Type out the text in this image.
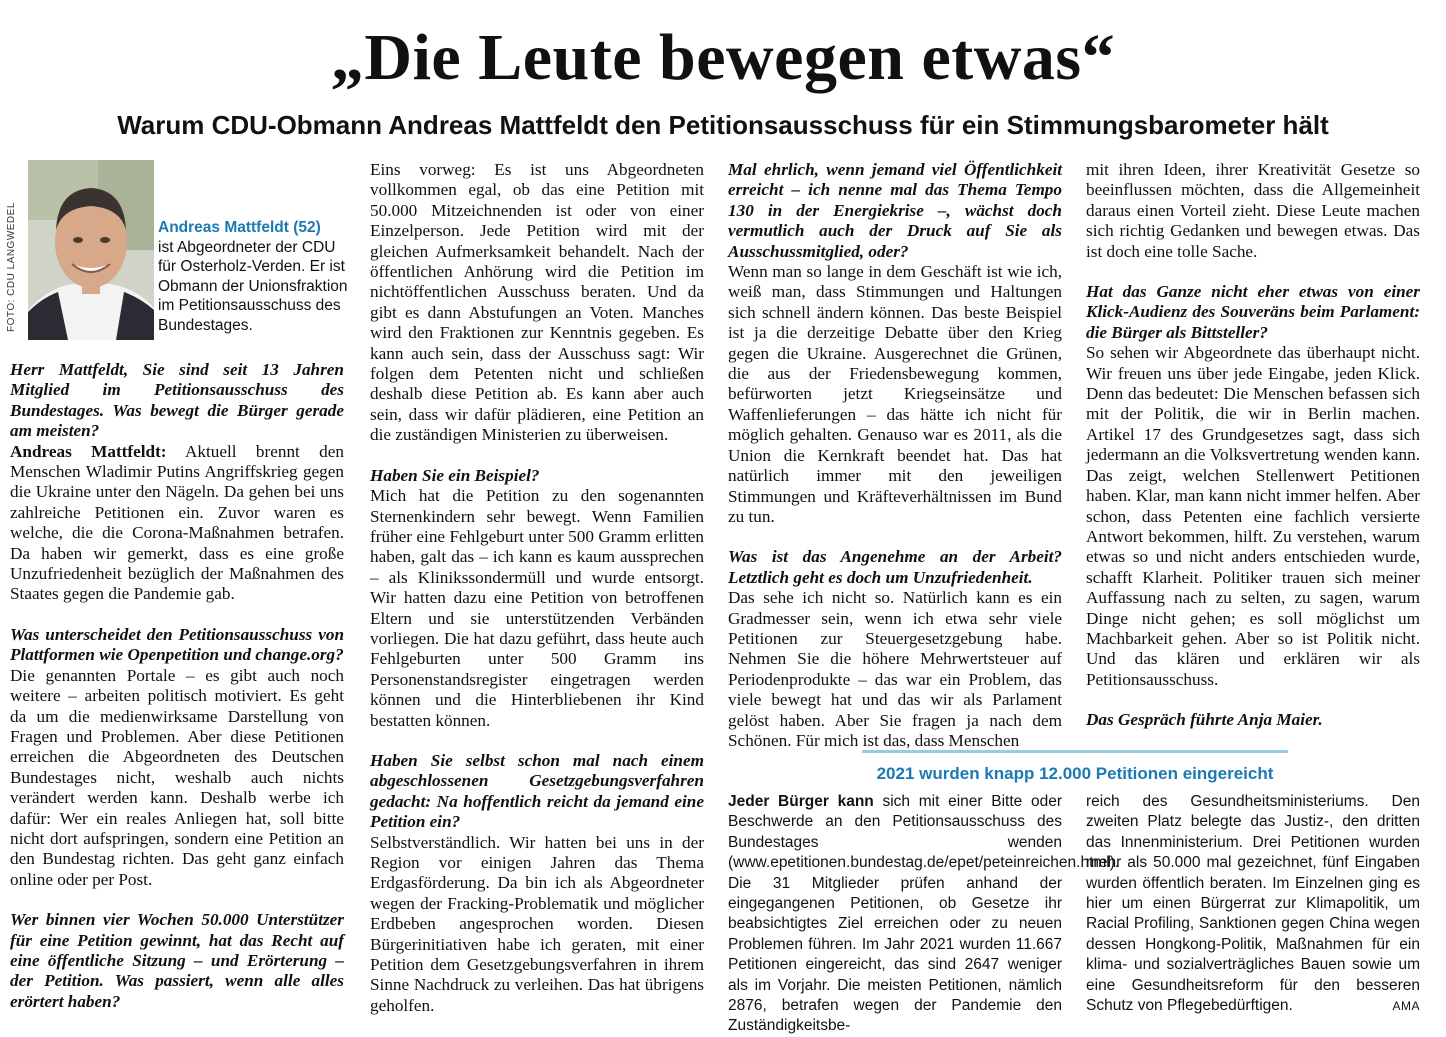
„Die Leute bewegen etwas“
Warum CDU-Obmann Andreas Mattfeldt den Petitionsausschuss für ein Stimmungsbarometer hält
FOTO: CDU LANGWEDEL	Andreas Mattfeldt (52)
ist Abgeordneter der CDU für Osterholz-Verden. Er ist Obmann der Unionsfraktion im Petitionsausschuss des Bundestages.

Herr Mattfeldt, Sie sind seit 13 Jahren Mitglied im Petitionsausschuss des Bundestages. Was bewegt die Bürger gerade am meisten?

Andreas Mattfeldt: Aktuell brennt den Menschen Wladimir Putins Angriffskrieg gegen die Ukraine unter den Nägeln. Da gehen bei uns zahlreiche Petitionen ein. Zuvor waren es welche, die die Corona-Maßnahmen betrafen. Da haben wir gemerkt, dass es eine große Unzufriedenheit bezüglich der Maßnahmen des Staates gegen die Pandemie gab.

Was unterscheidet den Petitionsausschuss von Plattformen wie Openpetition und change.org?

Die genannten Portale – es gibt auch noch weitere – arbeiten politisch motiviert. Es geht da um die medienwirksame Darstellung von Fragen und Problemen. Aber diese Petitionen erreichen die Abgeordneten des Deutschen Bundestages nicht, weshalb auch nichts verändert werden kann. Deshalb werbe ich dafür: Wer ein reales Anliegen hat, soll bitte nicht dort aufspringen, sondern eine Petition an den Bundestag richten. Das geht ganz einfach online oder per Post.

Wer binnen vier Wochen 50.000 Unterstützer für eine Petition gewinnt, hat das Recht auf eine öffentliche Sitzung – und Erörterung – der Petition. Was passiert, wenn alle alles erörtert haben?

Eins vorweg: Es ist uns Abgeordneten vollkommen egal, ob das eine Petition mit 50.000 Mitzeichnenden ist oder von einer Einzelperson. Jede Petition wird mit der gleichen Aufmerksamkeit behandelt. Nach der öffentlichen Anhörung wird die Petition im nichtöffentlichen Ausschuss beraten. Und da gibt es dann Abstufungen an Voten. Manches wird den Fraktionen zur Kenntnis gegeben. Es kann auch sein, dass der Ausschuss sagt: Wir folgen dem Petenten nicht und schließen deshalb diese Petition ab. Es kann aber auch sein, dass wir dafür plädieren, eine Petition an die zuständigen Ministerien zu überweisen.

Haben Sie ein Beispiel?

Mich hat die Petition zu den sogenannten Sternenkindern sehr bewegt. Wenn Familien früher eine Fehlgeburt unter 500 Gramm erlitten haben, galt das – ich kann es kaum aussprechen – als Klinikssondermüll und wurde entsorgt. Wir hatten dazu eine Petition von betroffenen Eltern und sie unterstützenden Verbänden vorliegen. Die hat dazu geführt, dass heute auch Fehlgeburten unter 500 Gramm ins Personenstandsregister eingetragen werden können und die Hinterbliebenen ihr Kind bestatten können.

Haben Sie selbst schon mal nach einem abgeschlossenen Gesetzgebungsverfahren gedacht: Na hoffentlich reicht da jemand eine Petition ein?

Selbstverständlich. Wir hatten bei uns in der Region vor einigen Jahren das Thema Erdgasförderung. Da bin ich als Abgeordneter wegen der Fracking-Problematik und möglicher Erdbeben angesprochen worden. Diesen Bürgerinitiativen habe ich geraten, mit einer Petition dem Gesetzgebungsverfahren in ihrem Sinne Nachdruck zu verleihen. Das hat übrigens geholfen.

Mal ehrlich, wenn jemand viel Öffentlichkeit erreicht – ich nenne mal das Thema Tempo 130 in der Energiekrise –, wächst doch vermutlich auch der Druck auf Sie als Ausschussmitglied, oder?

Wenn man so lange in dem Geschäft ist wie ich, weiß man, dass Stimmungen und Haltungen sich schnell ändern können. Das beste Beispiel ist ja die derzeitige Debatte über den Krieg gegen die Ukraine. Ausgerechnet die Grünen, die aus der Friedensbewegung kommen, befürworten jetzt Kriegseinsätze und Waffenlieferungen – das hätte ich nicht für möglich gehalten. Genauso war es 2011, als die Union die Kernkraft beendet hat. Das hat natürlich immer mit den jeweiligen Stimmungen und Kräfteverhältnissen im Bund zu tun.

Was ist das Angenehme an der Arbeit? Letztlich geht es doch um Unzufriedenheit.

Das sehe ich nicht so. Natürlich kann es ein Gradmesser sein, wenn ich etwa sehr viele Petitionen zur Steuergesetzgebung habe. Nehmen Sie die höhere Mehrwertsteuer auf Periodenprodukte – das war ein Problem, das viele bewegt hat und das wir als Parlament gelöst haben. Aber Sie fragen ja nach dem Schönen. Für mich ist das, dass Menschen

mit ihren Ideen, ihrer Kreativität Gesetze so beeinflussen möchten, dass die Allgemeinheit daraus einen Vorteil zieht. Diese Leute machen sich richtig Gedanken und bewegen etwas. Das ist doch eine tolle Sache.

Hat das Ganze nicht eher etwas von einer Klick-Audienz des Souveräns beim Parlament: die Bürger als Bittsteller?

So sehen wir Abgeordnete das überhaupt nicht. Wir freuen uns über jede Eingabe, jeden Klick. Denn das bedeutet: Die Menschen befassen sich mit der Politik, die wir in Berlin machen. Artikel 17 des Grundgesetzes sagt, dass sich jedermann an die Volksvertretung wenden kann. Das zeigt, welchen Stellenwert Petitionen haben. Klar, man kann nicht immer helfen. Aber schon, dass Petenten eine fachlich versierte Antwort bekommen, hilft. Zu verstehen, warum etwas so und nicht anders entschieden wurde, schafft Klarheit. Politiker trauen sich meiner Auffassung nach zu selten, zu sagen, warum Dinge nicht gehen; es soll möglichst um Machbarkeit gehen. Aber so ist Politik nicht. Und das klären und erklären wir als Petitionsausschuss.

Das Gespräch führte Anja Maier.

2021 wurden knapp 12.000 Petitionen eingereicht

Jeder Bürger kann sich mit einer Bitte oder Beschwerde an den Petitionsausschuss des Bundestages wenden (www.epetitionen.bundestag.de/epet/peteinreichen.html). Die 31 Mitglieder prüfen anhand der eingegangenen Petitionen, ob Gesetze ihr beabsichtigtes Ziel erreichen oder zu neuen Problemen führen. Im Jahr 2021 wurden 11.667 Petitionen eingereicht, das sind 2647 weniger als im Vorjahr. Die meisten Petitionen, nämlich 2876, betrafen wegen der Pandemie den Zuständigkeitsbe-

reich des Gesundheitsministeriums. Den zweiten Platz belegte das Justiz-, den dritten das Innenministerium. Drei Petitionen wurden mehr als 50.000 mal gezeichnet, fünf Eingaben wurden öffentlich beraten. Im Einzelnen ging es hier um einen Bürgerrat zur Klimapolitik, um Racial Profiling, Sanktionen gegen China wegen dessen Hongkong-Politik, Maßnahmen für ein klima- und sozialverträgliches Bauen sowie um eine Gesundheitsreform für den besseren Schutz von Pflegebedürftigen.	AMA
